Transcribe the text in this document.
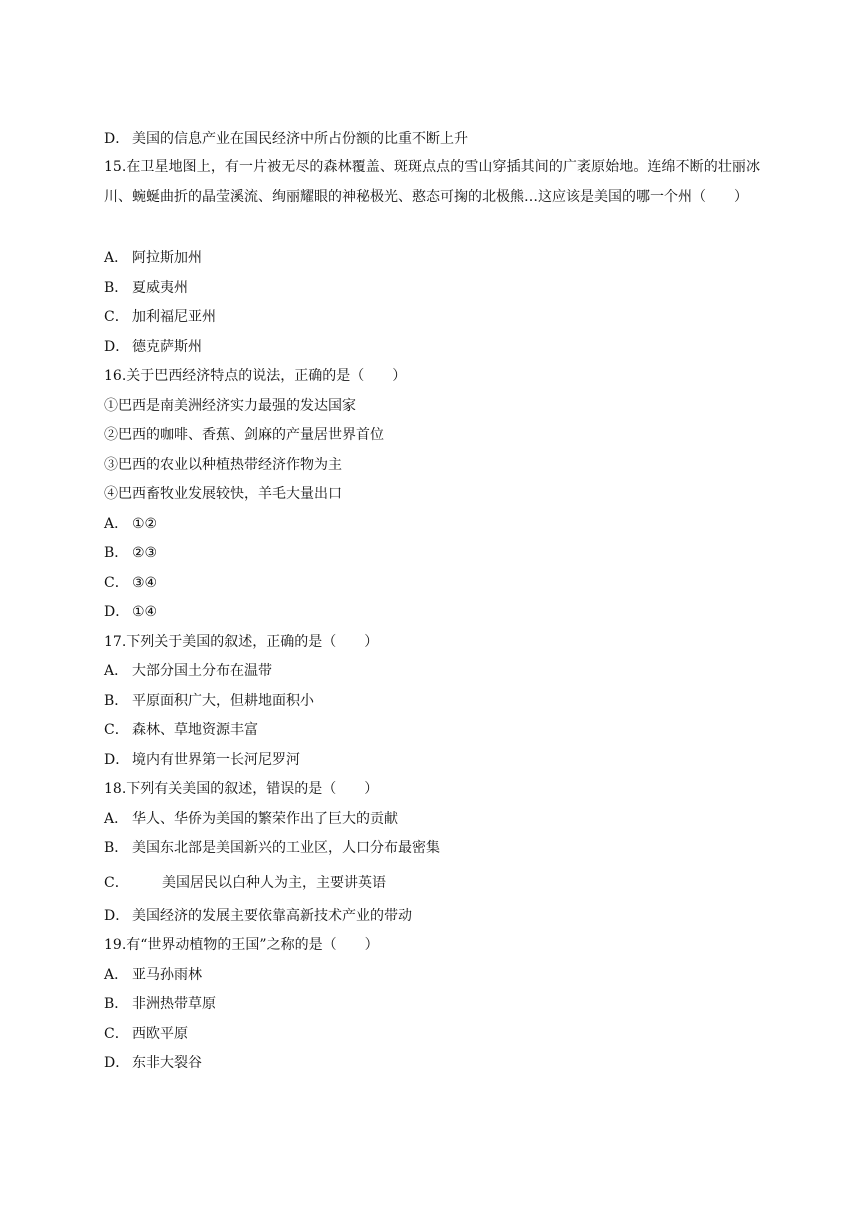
D． 美国的信息产业在国民经济中所占份额的比重不断上升
15.在卫星地图上，有一片被无尽的森林覆盖、斑斑点点的雪山穿插其间的广袤原始地。连绵不断的壮丽冰川、蜿蜒曲折的晶莹溪流、绚丽耀眼的神秘极光、憨态可掬的北极熊…这应该是美国的哪一个州（　　）
A． 阿拉斯加州
B． 夏威夷州
C． 加利福尼亚州
D． 德克萨斯州
16.关于巴西经济特点的说法，正确的是（　　）
①巴西是南美洲经济实力最强的发达国家
②巴西的咖啡、香蕉、剑麻的产量居世界首位
③巴西的农业以种植热带经济作物为主
④巴西畜牧业发展较快，羊毛大量出口
A． ①②
B． ②③
C． ③④
D． ①④
17.下列关于美国的叙述，正确的是（　　）
A． 大部分国土分布在温带
B． 平原面积广大，但耕地面积小
C． 森林、草地资源丰富
D． 境内有世界第一长河尼罗河
18.下列有关美国的叙述，错误的是（　　）
A． 华人、华侨为美国的繁荣作出了巨大的贡献
B． 美国东北部是美国新兴的工业区，人口分布最密集
C． 美国居民以白种人为主，主要讲英语
D． 美国经济的发展主要依靠高新技术产业的带动
19.有“世界动植物的王国”之称的是（　　）
A． 亚马孙雨林
B． 非洲热带草原
C． 西欧平原
D． 东非大裂谷
